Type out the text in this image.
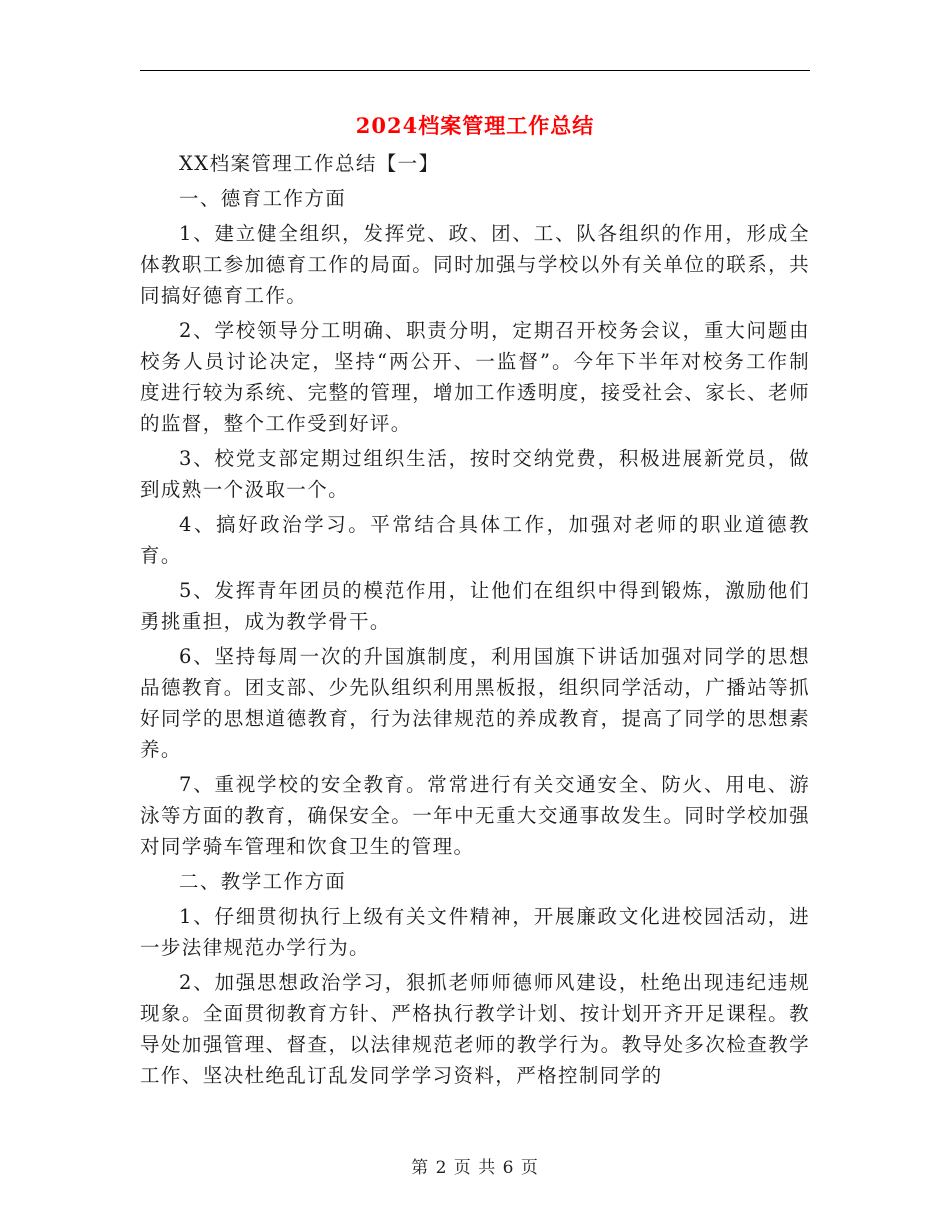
2024档案管理工作总结

XX档案管理工作总结【一】

一、德育工作方面

1、建立健全组织，发挥党、政、团、工、队各组织的作用，形成全体教职工参加德育工作的局面。同时加强与学校以外有关单位的联系，共同搞好德育工作。

2、学校领导分工明确、职责分明，定期召开校务会议，重大问题由校务人员讨论决定，坚持“两公开、一监督”。今年下半年对校务工作制度进行较为系统、完整的管理，增加工作透明度，接受社会、家长、老师的监督，整个工作受到好评。

3、校党支部定期过组织生活，按时交纳党费，积极进展新党员，做到成熟一个汲取一个。

4、搞好政治学习。平常结合具体工作，加强对老师的职业道德教育。

5、发挥青年团员的模范作用，让他们在组织中得到锻炼，激励他们勇挑重担，成为教学骨干。

6、坚持每周一次的升国旗制度，利用国旗下讲话加强对同学的思想品德教育。团支部、少先队组织利用黑板报，组织同学活动，广播站等抓好同学的思想道德教育，行为法律规范的养成教育，提高了同学的思想素养。

7、重视学校的安全教育。常常进行有关交通安全、防火、用电、游泳等方面的教育，确保安全。一年中无重大交通事故发生。同时学校加强对同学骑车管理和饮食卫生的管理。

二、教学工作方面

1、仔细贯彻执行上级有关文件精神，开展廉政文化进校园活动，进一步法律规范办学行为。

2、加强思想政治学习，狠抓老师师德师风建设，杜绝出现违纪违规现象。全面贯彻教育方针、严格执行教学计划、按计划开齐开足课程。教导处加强管理、督查，以法律规范老师的教学行为。教导处多次检查教学工作、坚决杜绝乱订乱发同学学习资料，严格控制同学的

第 2 页 共 6 页
